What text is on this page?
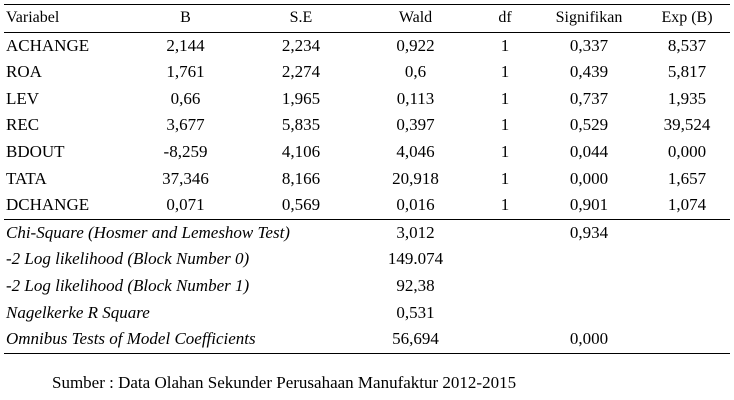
Variabel	B	S.E	Wald	df	Signifikan	Exp (B)
ACHANGE	2,144	2,234	0,922	1	0,337	8,537
ROA	1,761	2,274	0,6	1	0,439	5,817
LEV	0,66	1,965	0,113	1	0,737	1,935
REC	3,677	5,835	0,397	1	0,529	39,524
BDOUT	-8,259	4,106	4,046	1	0,044	0,000
TATA	37,346	8,166	20,918	1	0,000	1,657
DCHANGE	0,071	0,569	0,016	1	0,901	1,074
Chi-Square (Hosmer and Lemeshow Test)			3,012		0,934	
-2 Log likelihood (Block Number 0)			149.074			
-2 Log likelihood (Block Number 1)			92,38			
Nagelkerke R Square			0,531			
Omnibus Tests of Model Coefficients			56,694		0,000	
Sumber : Data Olahan Sekunder Perusahaan Manufaktur 2012-2015
